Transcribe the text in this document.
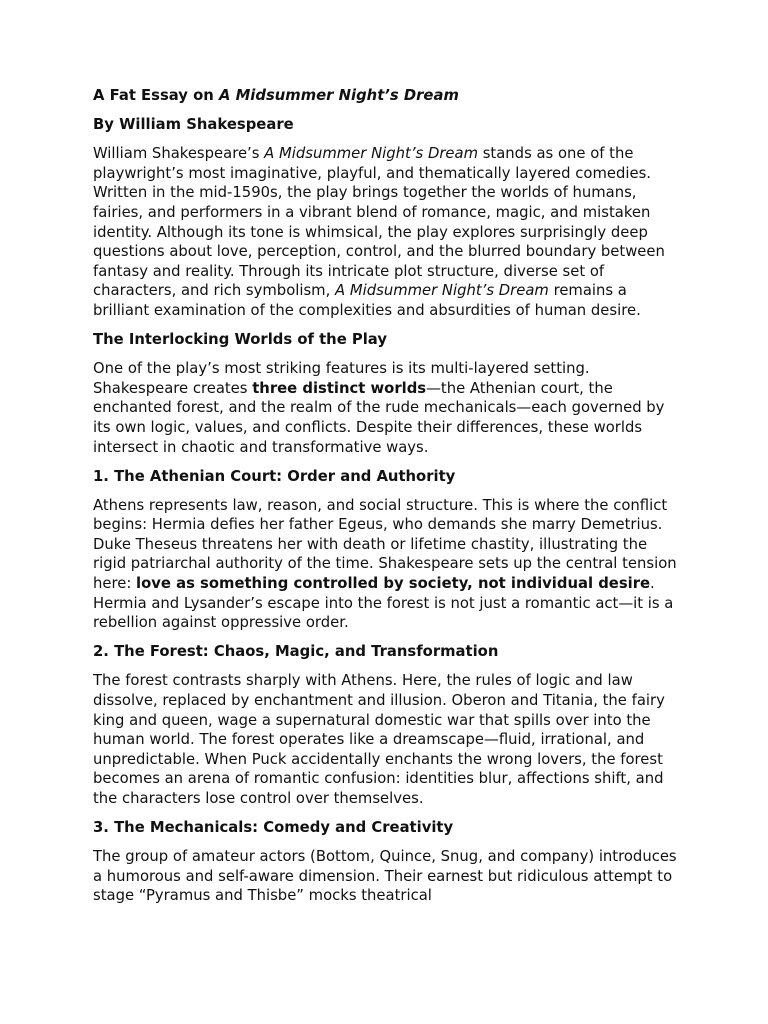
A Fat Essay on A Midsummer Night’s Dream
By William Shakespeare

William Shakespeare’s A Midsummer Night’s Dream stands as one of the playwright’s most imaginative, playful, and thematically layered comedies. Written in the mid-1590s, the play brings together the worlds of humans, fairies, and performers in a vibrant blend of romance, magic, and mistaken identity. Although its tone is whimsical, the play explores surprisingly deep questions about love, perception, control, and the blurred boundary between fantasy and reality. Through its intricate plot structure, diverse set of characters, and rich symbolism, A Midsummer Night’s Dream remains a brilliant examination of the complexities and absurdities of human desire.

The Interlocking Worlds of the Play

One of the play’s most striking features is its multi-layered setting. Shakespeare creates three distinct worlds—the Athenian court, the enchanted forest, and the realm of the rude mechanicals—each governed by its own logic, values, and conflicts. Despite their differences, these worlds intersect in chaotic and transformative ways.

1. The Athenian Court: Order and Authority

Athens represents law, reason, and social structure. This is where the conflict begins: Hermia defies her father Egeus, who demands she marry Demetrius. Duke Theseus threatens her with death or lifetime chastity, illustrating the rigid patriarchal authority of the time. Shakespeare sets up the central tension here: love as something controlled by society, not individual desire. Hermia and Lysander’s escape into the forest is not just a romantic act—it is a rebellion against oppressive order.

2. The Forest: Chaos, Magic, and Transformation

The forest contrasts sharply with Athens. Here, the rules of logic and law dissolve, replaced by enchantment and illusion. Oberon and Titania, the fairy king and queen, wage a supernatural domestic war that spills over into the human world. The forest operates like a dreamscape—fluid, irrational, and unpredictable. When Puck accidentally enchants the wrong lovers, the forest becomes an arena of romantic confusion: identities blur, affections shift, and the characters lose control over themselves.

3. The Mechanicals: Comedy and Creativity

The group of amateur actors (Bottom, Quince, Snug, and company) introduces a humorous and self-aware dimension. Their earnest but ridiculous attempt to stage “Pyramus and Thisbe” mocks theatrical
